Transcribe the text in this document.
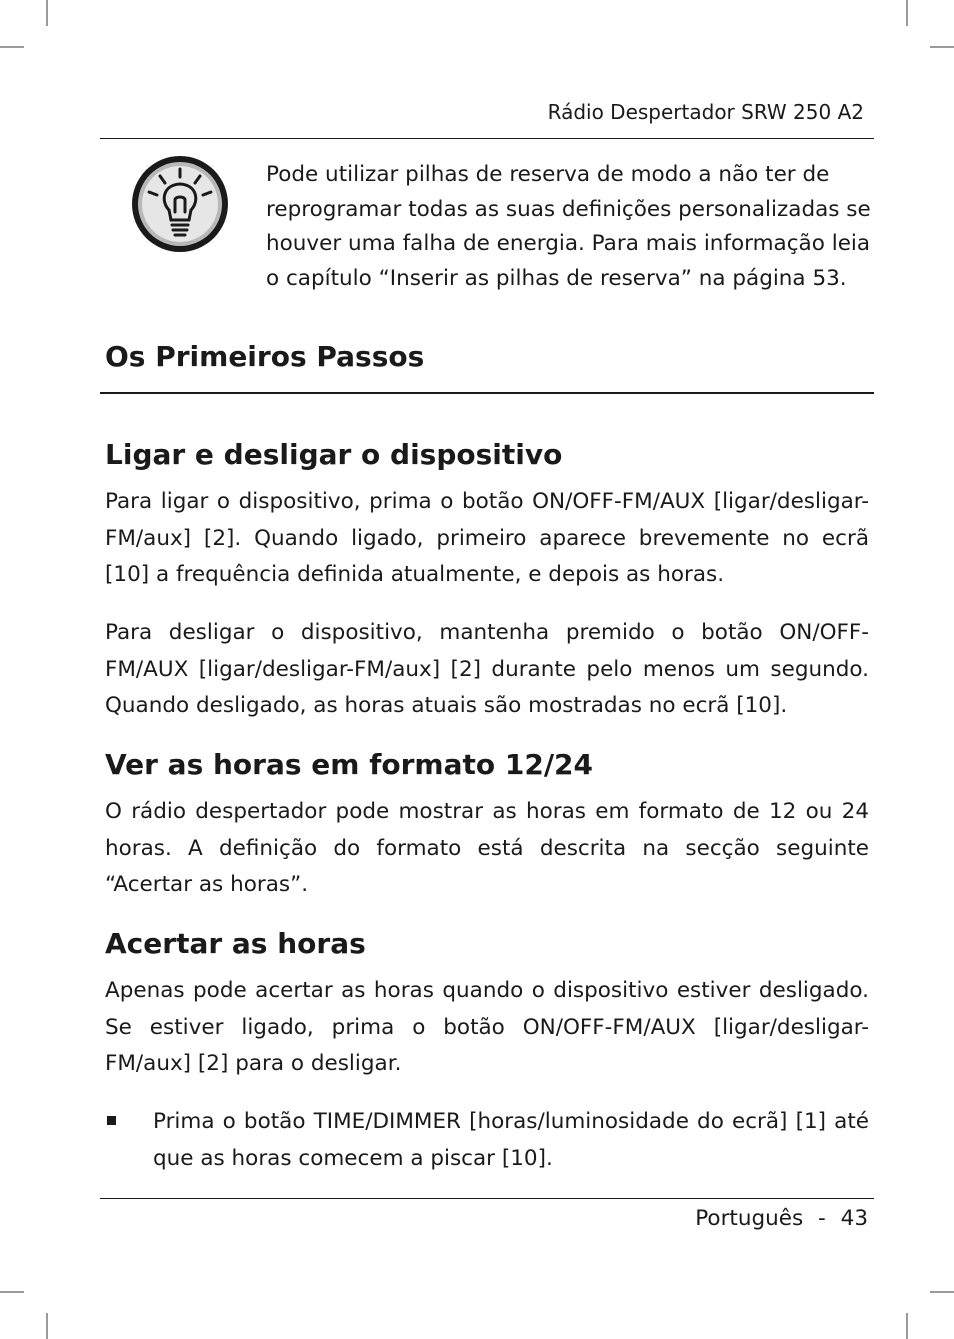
Rádio Despertador SRW 250 A2
Pode utilizar pilhas de reserva de modo a não ter de reprogramar todas as suas definições personalizadas se houver uma falha de energia. Para mais informação leia o capítulo “Inserir as pilhas de reserva” na página 53.
Os Primeiros Passos
Ligar e desligar o dispositivo

Para ligar o dispositivo, prima o botão ON/OFF-FM/AUX [ligar/desligar-FM/aux] [2]. Quando ligado, primeiro aparece brevemente no ecrã [10] a frequência definida atualmente, e depois as horas.

Para desligar o dispositivo, mantenha premido o botão ON/OFF-FM/AUX [ligar/desligar-FM/aux] [2] durante pelo menos um segundo. Quando desligado, as horas atuais são mostradas no ecrã [10].

Ver as horas em formato 12/24

O rádio despertador pode mostrar as horas em formato de 12 ou 24 horas. A definição do formato está descrita na secção seguinte “Acertar as horas”.

Acertar as horas

Apenas pode acertar as horas quando o dispositivo estiver desligado. Se estiver ligado, prima o botão ON/OFF-FM/AUX [ligar/desligar-FM/aux] [2] para o desligar.

Prima o botão TIME/DIMMER [horas/luminosidade do ecrã] [1] até que as horas comecem a piscar [10].

Português - 43
